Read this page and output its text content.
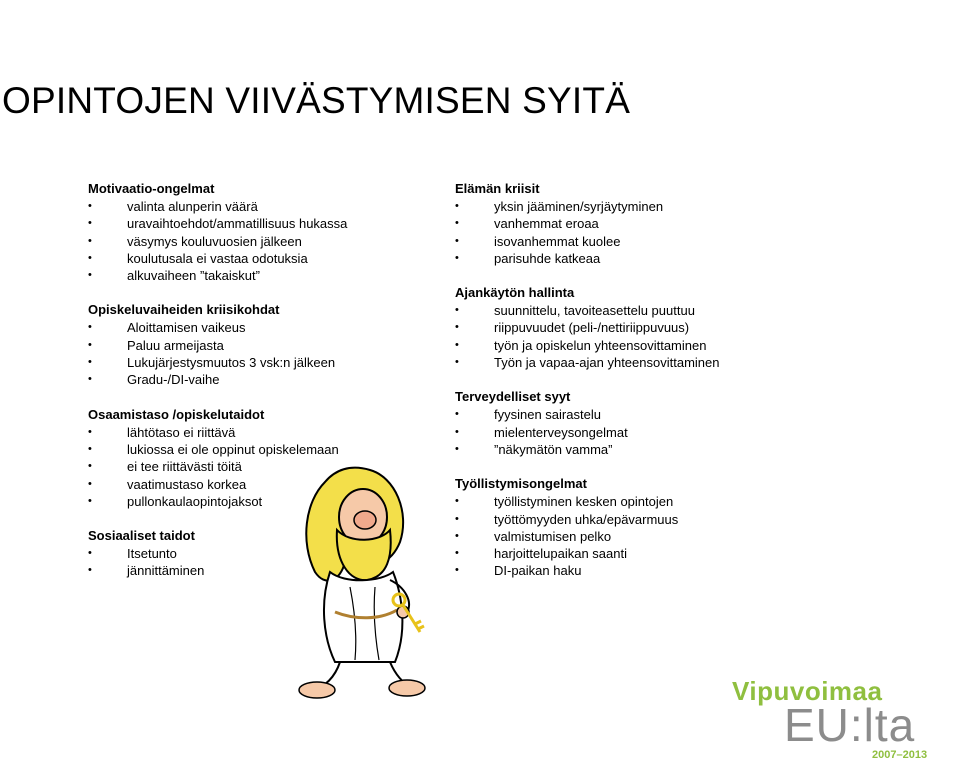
OPINTOJEN VIIVÄSTYMISEN SYITÄ
Motivaatio-ongelmat
•	valinta alunperin väärä
•	uravaihtoehdot/ammatillisuus hukassa
•	väsymys kouluvuosien jälkeen
•	koulutusala ei vastaa odotuksia
•	alkuvaiheen ”takaiskut”
Opiskeluvaiheiden kriisikohdat
•	Aloittamisen vaikeus
•	Paluu armeijasta
•	Lukujärjestysmuutos 3 vsk:n jälkeen
•	Gradu-/DI-vaihe
Osaamistaso /opiskelutaidot
•	lähtötaso ei riittävä
•	lukiossa ei ole oppinut opiskelemaan
•	ei tee riittävästi töitä
•	vaatimustaso korkea
•	pullonkaulaopintojaksot
Sosiaaliset taidot
•	Itsetunto
•	jännittäminen
Elämän kriisit
•	yksin jääminen/syrjäytyminen
•	vanhemmat eroaa
•	isovanhemmat kuolee
•	parisuhde katkeaa
Ajankäytön hallinta
•	suunnittelu, tavoiteasettelu puuttuu
•	riippuvuudet (peli-/nettiriippuvuus)
•	työn ja opiskelun yhteensovittaminen
•	Työn ja vapaa-ajan yhteensovittaminen
Terveydelliset syyt
•	fyysinen sairastelu
•	mielenterveysongelmat
•	”näkymätön vamma”
Työllistymisongelmat
•	työllistyminen kesken opintojen
•	työttömyyden uhka/epävarmuus
•	valmistumisen pelko
•	harjoittelupaikan saanti
•	DI-paikan haku
Vipuvoimaa
EU:lta
2007–2013
